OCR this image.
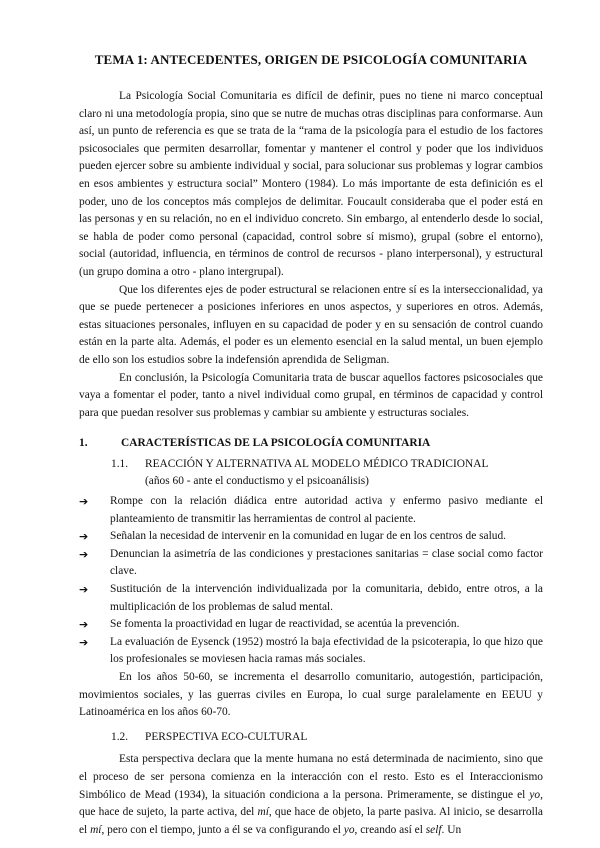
TEMA 1: ANTECEDENTES, ORIGEN DE PSICOLOGÍA COMUNITARIA

La Psicología Social Comunitaria es difícil de definir, pues no tiene ni marco conceptual claro ni una metodología propia, sino que se nutre de muchas otras disciplinas para conformarse. Aun así, un punto de referencia es que se trata de la “rama de la psicología para el estudio de los factores psicosociales que permiten desarrollar, fomentar y mantener el control y poder que los individuos pueden ejercer sobre su ambiente individual y social, para solucionar sus problemas y lograr cambios en esos ambientes y estructura social” Montero (1984). Lo más importante de esta definición es el poder, uno de los conceptos más complejos de delimitar. Foucault consideraba que el poder está en las personas y en su relación, no en el individuo concreto. Sin embargo, al entenderlo desde lo social, se habla de poder como personal (capacidad, control sobre sí mismo), grupal (sobre el entorno), social (autoridad, influencia, en términos de control de recursos - plano interpersonal), y estructural (un grupo domina a otro - plano intergrupal).

Que los diferentes ejes de poder estructural se relacionen entre sí es la interseccionalidad, ya que se puede pertenecer a posiciones inferiores en unos aspectos, y superiores en otros. Además, estas situaciones personales, influyen en su capacidad de poder y en su sensación de control cuando están en la parte alta. Además, el poder es un elemento esencial en la salud mental, un buen ejemplo de ello son los estudios sobre la indefensión aprendida de Seligman.

En conclusión, la Psicología Comunitaria trata de buscar aquellos factores psicosociales que vaya a fomentar el poder, tanto a nivel individual como grupal, en términos de capacidad y control para que puedan resolver sus problemas y cambiar su ambiente y estructuras sociales.

1.	CARACTERÍSTICAS DE LA PSICOLOGÍA COMUNITARIA
1.1.	REACCIÓN Y ALTERNATIVA AL MODELO MÉDICO TRADICIONAL
(años 60 - ante el conductismo y el psicoanálisis)
➔	Rompe con la relación diádica entre autoridad activa y enfermo pasivo mediante el planteamiento de transmitir las herramientas de control al paciente.
➔	Señalan la necesidad de intervenir en la comunidad en lugar de en los centros de salud.
➔	Denuncian la asimetría de las condiciones y prestaciones sanitarias = clase social como factor clave.
➔	Sustitución de la intervención individualizada por la comunitaria, debido, entre otros, a la multiplicación de los problemas de salud mental.
➔	Se fomenta la proactividad en lugar de reactividad, se acentúa la prevención.
➔	La evaluación de Eysenck (1952) mostró la baja efectividad de la psicoterapia, lo que hizo que los profesionales se moviesen hacia ramas más sociales.

En los años 50-60, se incrementa el desarrollo comunitario, autogestión, participación, movimientos sociales, y las guerras civiles en Europa, lo cual surge paralelamente en EEUU y Latinoamérica en los años 60-70.

1.2.	PERSPECTIVA ECO-CULTURAL

Esta perspectiva declara que la mente humana no está determinada de nacimiento, sino que el proceso de ser persona comienza en la interacción con el resto. Esto es el Interaccionismo Simbólico de Mead (1934), la situación condiciona a la persona. Primeramente, se distingue el yo, que hace de sujeto, la parte activa, del mí, que hace de objeto, la parte pasiva. Al inicio, se desarrolla el mí, pero con el tiempo, junto a él se va configurando el yo, creando así el self. Un
